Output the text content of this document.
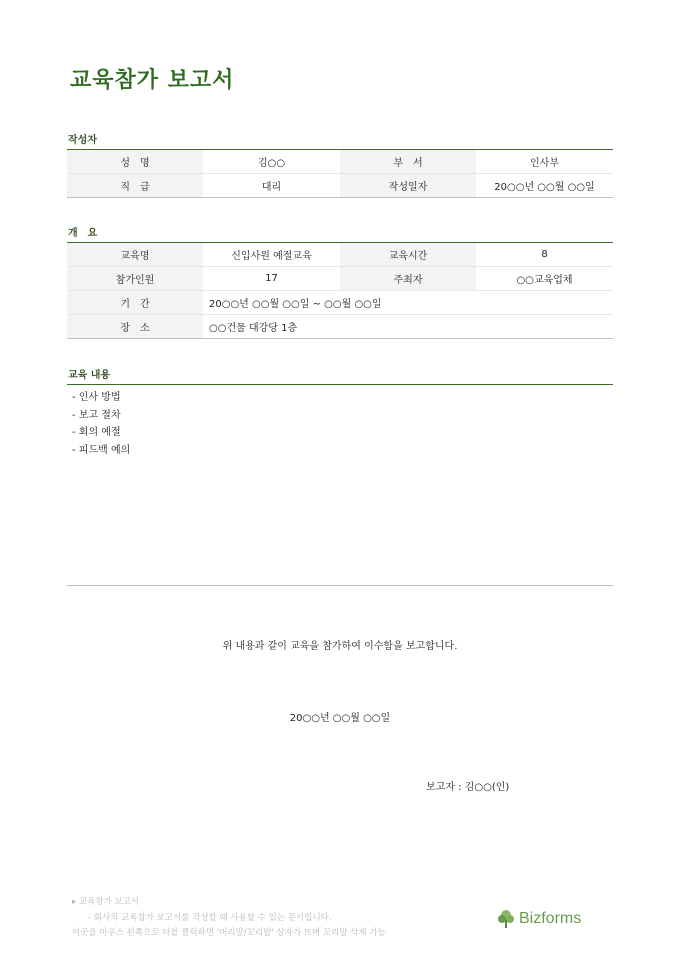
교육참가 보고서
작성자
성　명	김○○	부　서	인사부
직　급	대리	작성일자	20○○년 ○○월 ○○일
개　요
교육명	신입사원 예절교육	교육시간	8
참가인원	17	주최자	○○교육업체
기　간	20○○년 ○○월 ○○일 ~ ○○월 ○○일		
장　소	○○건물 대강당 1층		
교육 내용
- 인사 방법
- 보고 절차
- 회의 예절
- 피드백 예의
위 내용과 같이 교육을 참가하여 이수함을 보고합니다.
20○○년 ○○월 ○○일
보고자 : 김○○(인)
▸ 교육참가 보고서
- 회사의 교육참가 보고서를 작성할 때 사용할 수 있는 문서입니다.
이곳을 마우스 왼쪽으로 더블 클릭하면 '머리말/꼬리말' 상자가 뜨며 꼬리말 삭제 가능
Bizforms
